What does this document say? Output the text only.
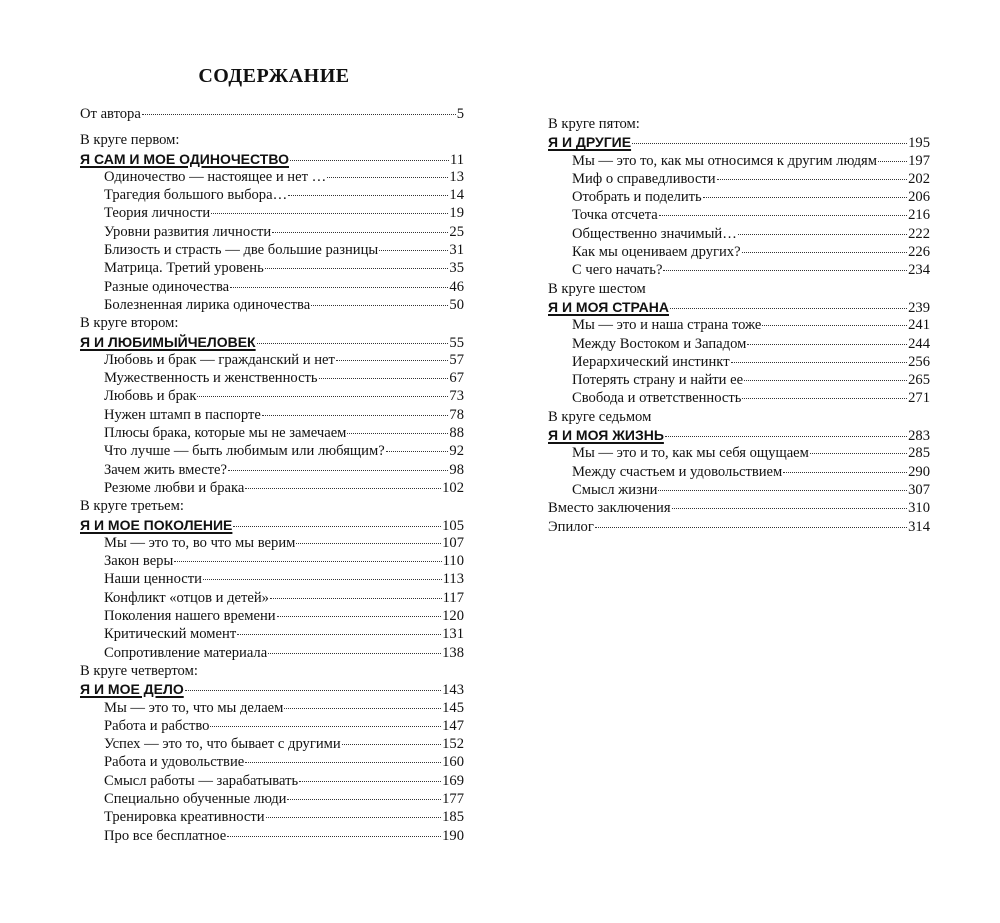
СОДЕРЖАНИЕ
От автора	5
В круге первом:
Я САМ И МОЕ ОДИНОЧЕСТВО	11
Одиночество — настоящее и нет …	13
Трагедия большого выбора…	14
Теория личности	19
Уровни развития личности	25
Близость и страсть — две большие разницы	31
Матрица. Третий уровень	35
Разные одиночества	46
Болезненная лирика одиночества	50
В круге втором:
Я И ЛЮБИМЫЙЧЕЛОВЕК	55
Любовь и брак — гражданский и нет	57
Мужественность и женственность	67
Любовь и брак	73
Нужен штамп в паспорте	78
Плюсы брака, которые мы не замечаем	88
Что лучше — быть любимым или любящим?	92
Зачем жить вместе?	98
Резюме любви и брака	102
В круге третьем:
Я И МОЕ ПОКОЛЕНИЕ	105
Мы — это то, во что мы верим	107
Закон веры	110
Наши ценности	113
Конфликт «отцов и детей»	117
Поколения нашего времени	120
Критический момент	131
Сопротивление материала	138
В круге четвертом:
Я И МОЕ ДЕЛО	143
Мы — это то, что мы делаем	145
Работа и рабство	147
Успех — это то, что бывает с другими	152
Работа и удовольствие	160
Смысл работы — зарабатывать	169
Специально обученные люди	177
Тренировка креативности	185
Про все бесплатное	190
В круге пятом:
Я И ДРУГИЕ	195
Мы — это то, как мы относимся к другим людям 197
Миф о справедливости	202
Отобрать и поделить	206
Точка отсчета	216
Общественно значимый…	222
Как мы оцениваем других?	226
С чего начать?	234
В круге шестом
Я И МОЯ СТРАНА	239
Мы — это и наша страна тоже	241
Между Востоком и Западом	244
Иерархический инстинкт	256
Потерять страну и найти ее	265
Свобода и ответственность	271
В круге седьмом
Я И МОЯ ЖИЗНЬ	283
Мы — это и то, как мы себя ощущаем	285
Между счастьем и удовольствием	290
Смысл жизни	307
Вместо заключения	310
Эпилог	314
